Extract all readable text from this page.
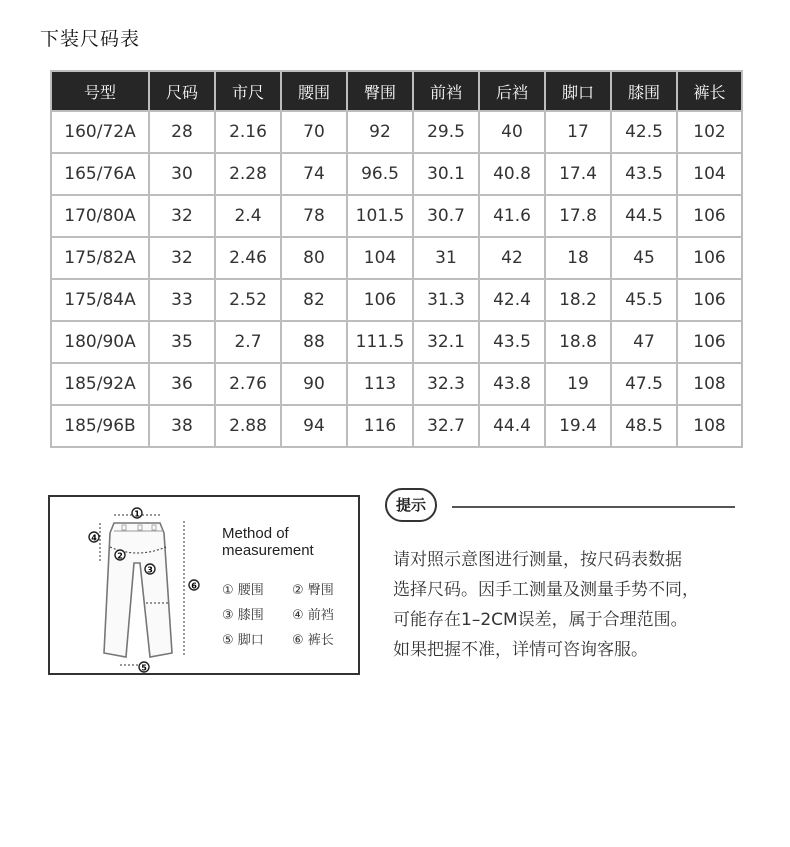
下装尺码表
号型	尺码	市尺	腰围	臀围	前裆	后裆	脚口	膝围	裤长
160/72A	28	2.16	70	92	29.5	40	17	42.5	102
165/76A	30	2.28	74	96.5	30.1	40.8	17.4	43.5	104
170/80A	32	2.4	78	101.5	30.7	41.6	17.8	44.5	106
175/82A	32	2.46	80	104	31	42	18	45	106
175/84A	33	2.52	82	106	31.3	42.4	18.2	45.5	106
180/90A	35	2.7	88	111.5	32.1	43.5	18.8	47	106
185/92A	36	2.76	90	113	32.3	43.8	19	47.5	108
185/96B	38	2.88	94	116	32.7	44.4	19.4	48.5	108
1
2
3
4
5
6
Method of
measurement
① 腰围	② 臀围
③ 膝围	④ 前裆
⑤ 脚口	⑥ 裤长
提示
请对照示意图进行测量，按尺码表数据
选择尺码。因手工测量及测量手势不同，
可能存在1–2CM误差，属于合理范围。
如果把握不准，详情可咨询客服。
